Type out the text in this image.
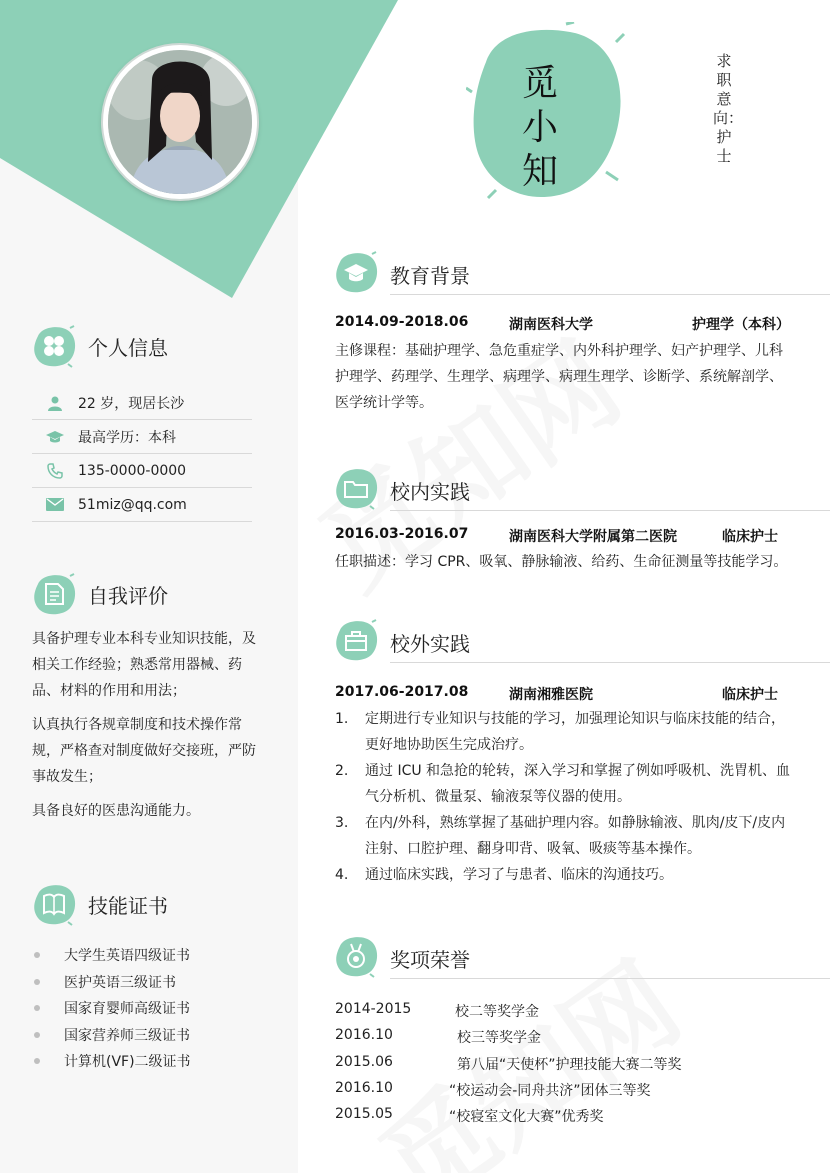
个人信息
22 岁，现居长沙
最高学历：本科
135-0000-0000
51miz@qq.com
自我评价

具备护理专业本科专业知识技能，及相关工作经验；熟悉常用器械、药品、材料的作用和用法；

认真执行各规章制度和技术操作常规，严格查对制度做好交接班，严防事故发生；

具备良好的医患沟通能力。

技能证书
大学生英语四级证书
医护英语三级证书
国家育婴师高级证书
国家营养师三级证书
计算机(VF)二级证书
觅
小
知
求职意向：护士
教育背景
2014.09-2018.06	湖南医科大学	护理学（本科）
主修课程：基础护理学、急危重症学、内外科护理学、妇产护理学、儿科护理学、药理学、生理学、病理学、病理生理学、诊断学、系统解剖学、医学统计学等。
校内实践
2016.03-2016.07	湖南医科大学附属第二医院	临床护士
任职描述：学习 CPR、吸氧、静脉输液、给药、生命征测量等技能学习。
校外实践
2017.06-2017.08	湖南湘雅医院	临床护士
1.	定期进行专业知识与技能的学习，加强理论知识与临床技能的结合，更好地协助医生完成治疗。
2.	通过 ICU 和急抢的轮转，深入学习和掌握了例如呼吸机、洗胃机、血气分析机、微量泵、输液泵等仪器的使用。
3.	在内/外科，熟练掌握了基础护理内容。如静脉输液、肌肉/皮下/皮内注射、口腔护理、翻身叩背、吸氧、吸痰等基本操作。
4.	通过临床实践，学习了与患者、临床的沟通技巧。
奖项荣誉
2014-2015	校二等奖学金
2016.10	校三等奖学金
2015.06	第八届“天使杯”护理技能大赛二等奖
2016.10	“校运动会-同舟共济”团体三等奖
2015.05	“校寝室文化大赛”优秀奖
